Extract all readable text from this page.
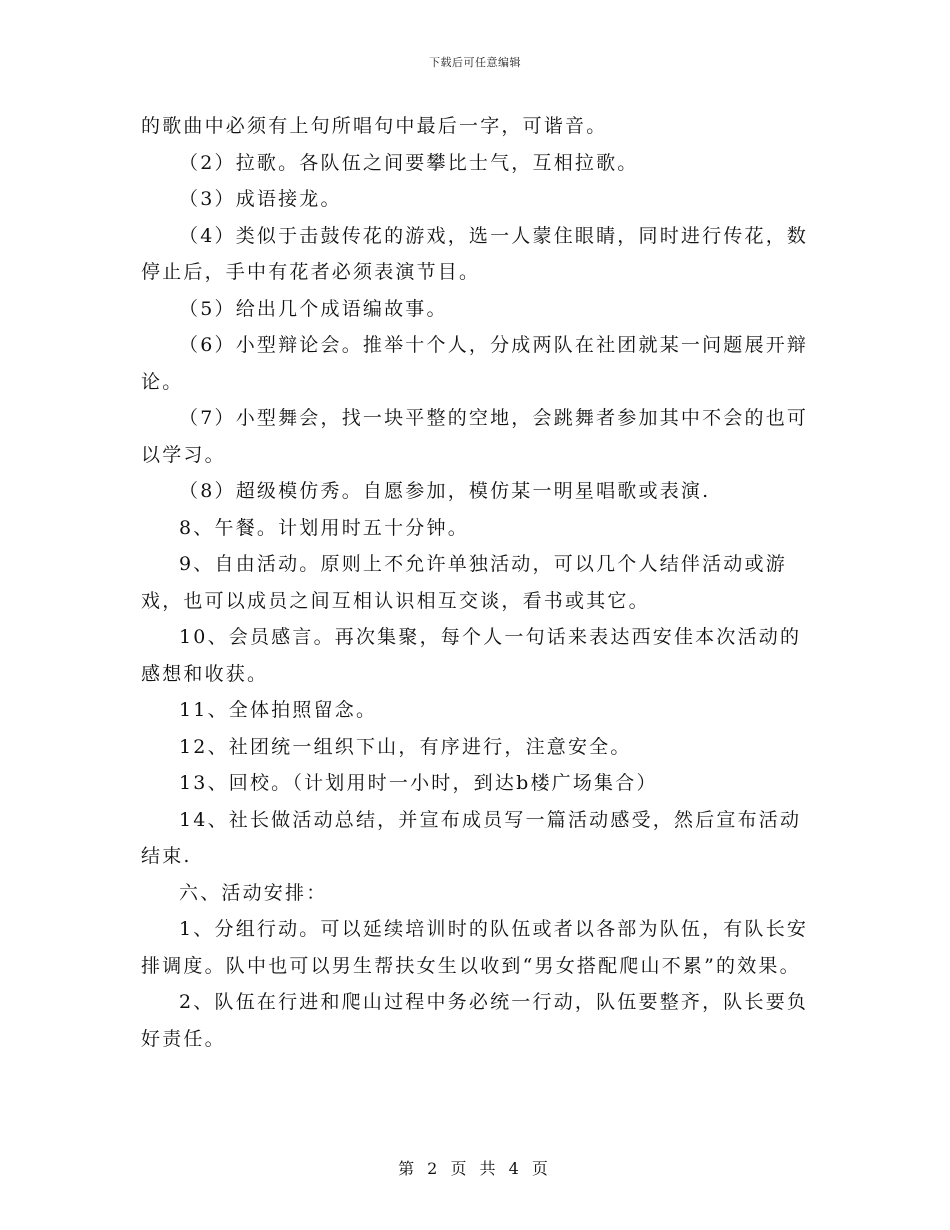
下载后可任意编辑

的歌曲中必须有上句所唱句中最后一字，可谐音。

（2）拉歌。各队伍之间要攀比士气，互相拉歌。

（3）成语接龙。

（4）类似于击鼓传花的游戏，选一人蒙住眼睛，同时进行传花，数停止后，手中有花者必须表演节目。

（5）给出几个成语编故事。

（6）小型辩论会。推举十个人，分成两队在社团就某一问题展开辩论。

（7）小型舞会，找一块平整的空地，会跳舞者参加其中不会的也可以学习。

（8）超级模仿秀。自愿参加，模仿某一明星唱歌或表演.

8、午餐。计划用时五十分钟。

9、自由活动。原则上不允许单独活动，可以几个人结伴活动或游戏，也可以成员之间互相认识相互交谈，看书或其它。

10、会员感言。再次集聚，每个人一句话来表达西安佳本次活动的感想和收获。

11、全体拍照留念。

12、社团统一组织下山，有序进行，注意安全。

13、回校。（计划用时一小时，到达b楼广场集合）

14、社长做活动总结，并宣布成员写一篇活动感受，然后宣布活动结束.

六、活动安排：

1、分组行动。可以延续培训时的队伍或者以各部为队伍，有队长安排调度。队中也可以男生帮扶女生以收到“男女搭配爬山不累”的效果。

2、队伍在行进和爬山过程中务必统一行动，队伍要整齐，队长要负好责任。

第 2 页 共 4 页
